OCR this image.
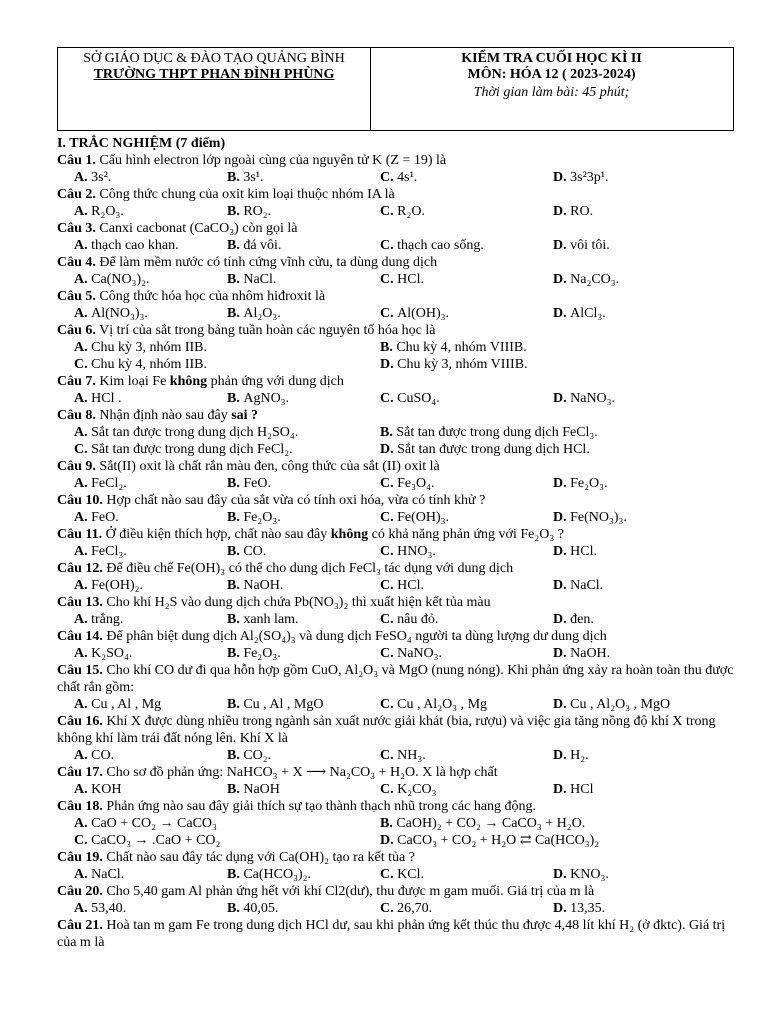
SỞ GIÁO DỤC & ĐÀO TẠO QUẢNG BÌNH
TRƯỜNG THPT PHAN ĐÌNH PHÙNG
KIỂM TRA CUỐI HỌC KÌ II
MÔN: HÓA 12 ( 2023-2024)
Thời gian làm bài: 45 phút;
I. TRẮC NGHIỆM (7 điểm)
Câu 1. Cấu hình electron lớp ngoài cùng của nguyên tử K (Z = 19) là
A. 3s².	B. 3s¹.	C. 4s¹.	D. 3s²3p¹.
Câu 2. Công thức chung của oxit kim loại thuộc nhóm IA là
A. R₂O₃.	B. RO₂.	C. R₂O.	D. RO.
Câu 3. Canxi cacbonat (CaCO₃) còn gọi là
A. thạch cao khan.	B. đá vôi.	C. thạch cao sống.	D. vôi tôi.
Câu 4. Để làm mềm nước có tính cứng vĩnh cửu, ta dùng dung dịch
A. Ca(NO₃)₂.	B. NaCl.	C. HCl.	D. Na₂CO₃.
Câu 5. Công thức hóa học của nhôm hiđroxit là
A. Al(NO₃)₃.	B. Al₂O₃.	C. Al(OH)₃.	D. AlCl₃.
Câu 6. Vị trí của sắt trong bảng tuần hoàn các nguyên tố hóa học là
A. Chu kỳ 3, nhóm IIB.	B. Chu kỳ 4, nhóm VIIIB.
C. Chu kỳ 4, nhóm IIB.	D. Chu kỳ 3, nhóm VIIIB.
Câu 7. Kim loại Fe không phản ứng với dung dịch
A. HCl .	B. AgNO₃.	C. CuSO₄.	D. NaNO₃.
Câu 8. Nhận định nào sau đây sai ?
A. Sắt tan được trong dung dịch H₂SO₄.	B. Sắt tan được trong dung dịch FeCl₃.
C. Sắt tan được trong dung dịch FeCl₂.	D. Sắt tan được trong dung dịch HCl.
Câu 9. Sắt(II) oxit là chất rắn màu đen, công thức của sắt (II) oxit là
A. FeCl₂.	B. FeO.	C. Fe₃O₄.	D. Fe₂O₃.
Câu 10. Hợp chất nào sau đây của sắt vừa có tính oxi hóa, vừa có tính khử ?
A. FeO.	B. Fe₂O₃.	C. Fe(OH)₃.	D. Fe(NO₃)₃.
Câu 11. Ở điều kiện thích hợp, chất nào sau đây không có khả năng phản ứng với Fe₂O₃ ?
A. FeCl₃.	B. CO.	C. HNO₃.	D. HCl.
Câu 12. Để điều chế Fe(OH)₃ có thể cho dung dịch FeCl₃ tác dụng với dung dịch
A. Fe(OH)₂.	B. NaOH.	C. HCl.	D. NaCl.
Câu 13. Cho khí H₂S vào dung dịch chứa Pb(NO₃)₂ thì xuất hiện kết tủa màu
A. trắng.	B. xanh lam.	C. nâu đỏ.	D. đen.
Câu 14. Để phân biệt dung dịch Al₂(SO₄)₃ và dung dịch FeSO₄ người ta dùng lượng dư dung dịch
A. K₂SO₄.	B. Fe₂O₃.	C. NaNO₃.	D. NaOH.
Câu 15. Cho khí CO dư đi qua hỗn hợp gồm CuO, Al₂O₃ và MgO (nung nóng). Khi phản ứng xảy ra hoàn toàn thu được chất rắn gồm:
A. Cu , Al , Mg	B. Cu , Al , MgO	C. Cu , Al₂O₃ , Mg	D. Cu , Al₂O₃ , MgO
Câu 16. Khí X được dùng nhiều trong ngành sản xuất nước giải khát (bia, rượu) và việc gia tăng nồng độ khí X trong không khí làm trái đất nóng lên. Khí X là
A. CO.	B. CO₂.	C. NH₃.	D. H₂.
Câu 17. Cho sơ đồ phản ứng: NaHCO₃ + X ⟶ Na₂CO₃ + H₂O. X là hợp chất
A. KOH	B. NaOH	C. K₂CO₃	D. HCl
Câu 18. Phản ứng nào sau đây giải thích sự tạo thành thạch nhũ trong các hang động.
A. CaO + CO₂ → CaCO₃	B. CaOH)₂ + CO₂ → CaCO₃ + H₂O.
C. CaCO₃ → .CaO + CO₂	D. CaCO₃ + CO₂ + H₂O ⇄ Ca(HCO₃)₂
Câu 19. Chất nào sau đây tác dụng với Ca(OH)₂ tạo ra kết tủa ?
A. NaCl.	B. Ca(HCO₃)₂.	C. KCl.	D. KNO₃.
Câu 20. Cho 5,40 gam Al phản ứng hết với khí Cl2(dư), thu được m gam muối. Giá trị của m là
A. 53,40.	B. 40,05.	C. 26,70.	D. 13,35.
Câu 21. Hoà tan m gam Fe trong dung dịch HCl dư, sau khi phản ứng kết thúc thu được 4,48 lít khí H₂ (ở đktc). Giá trị của m là
